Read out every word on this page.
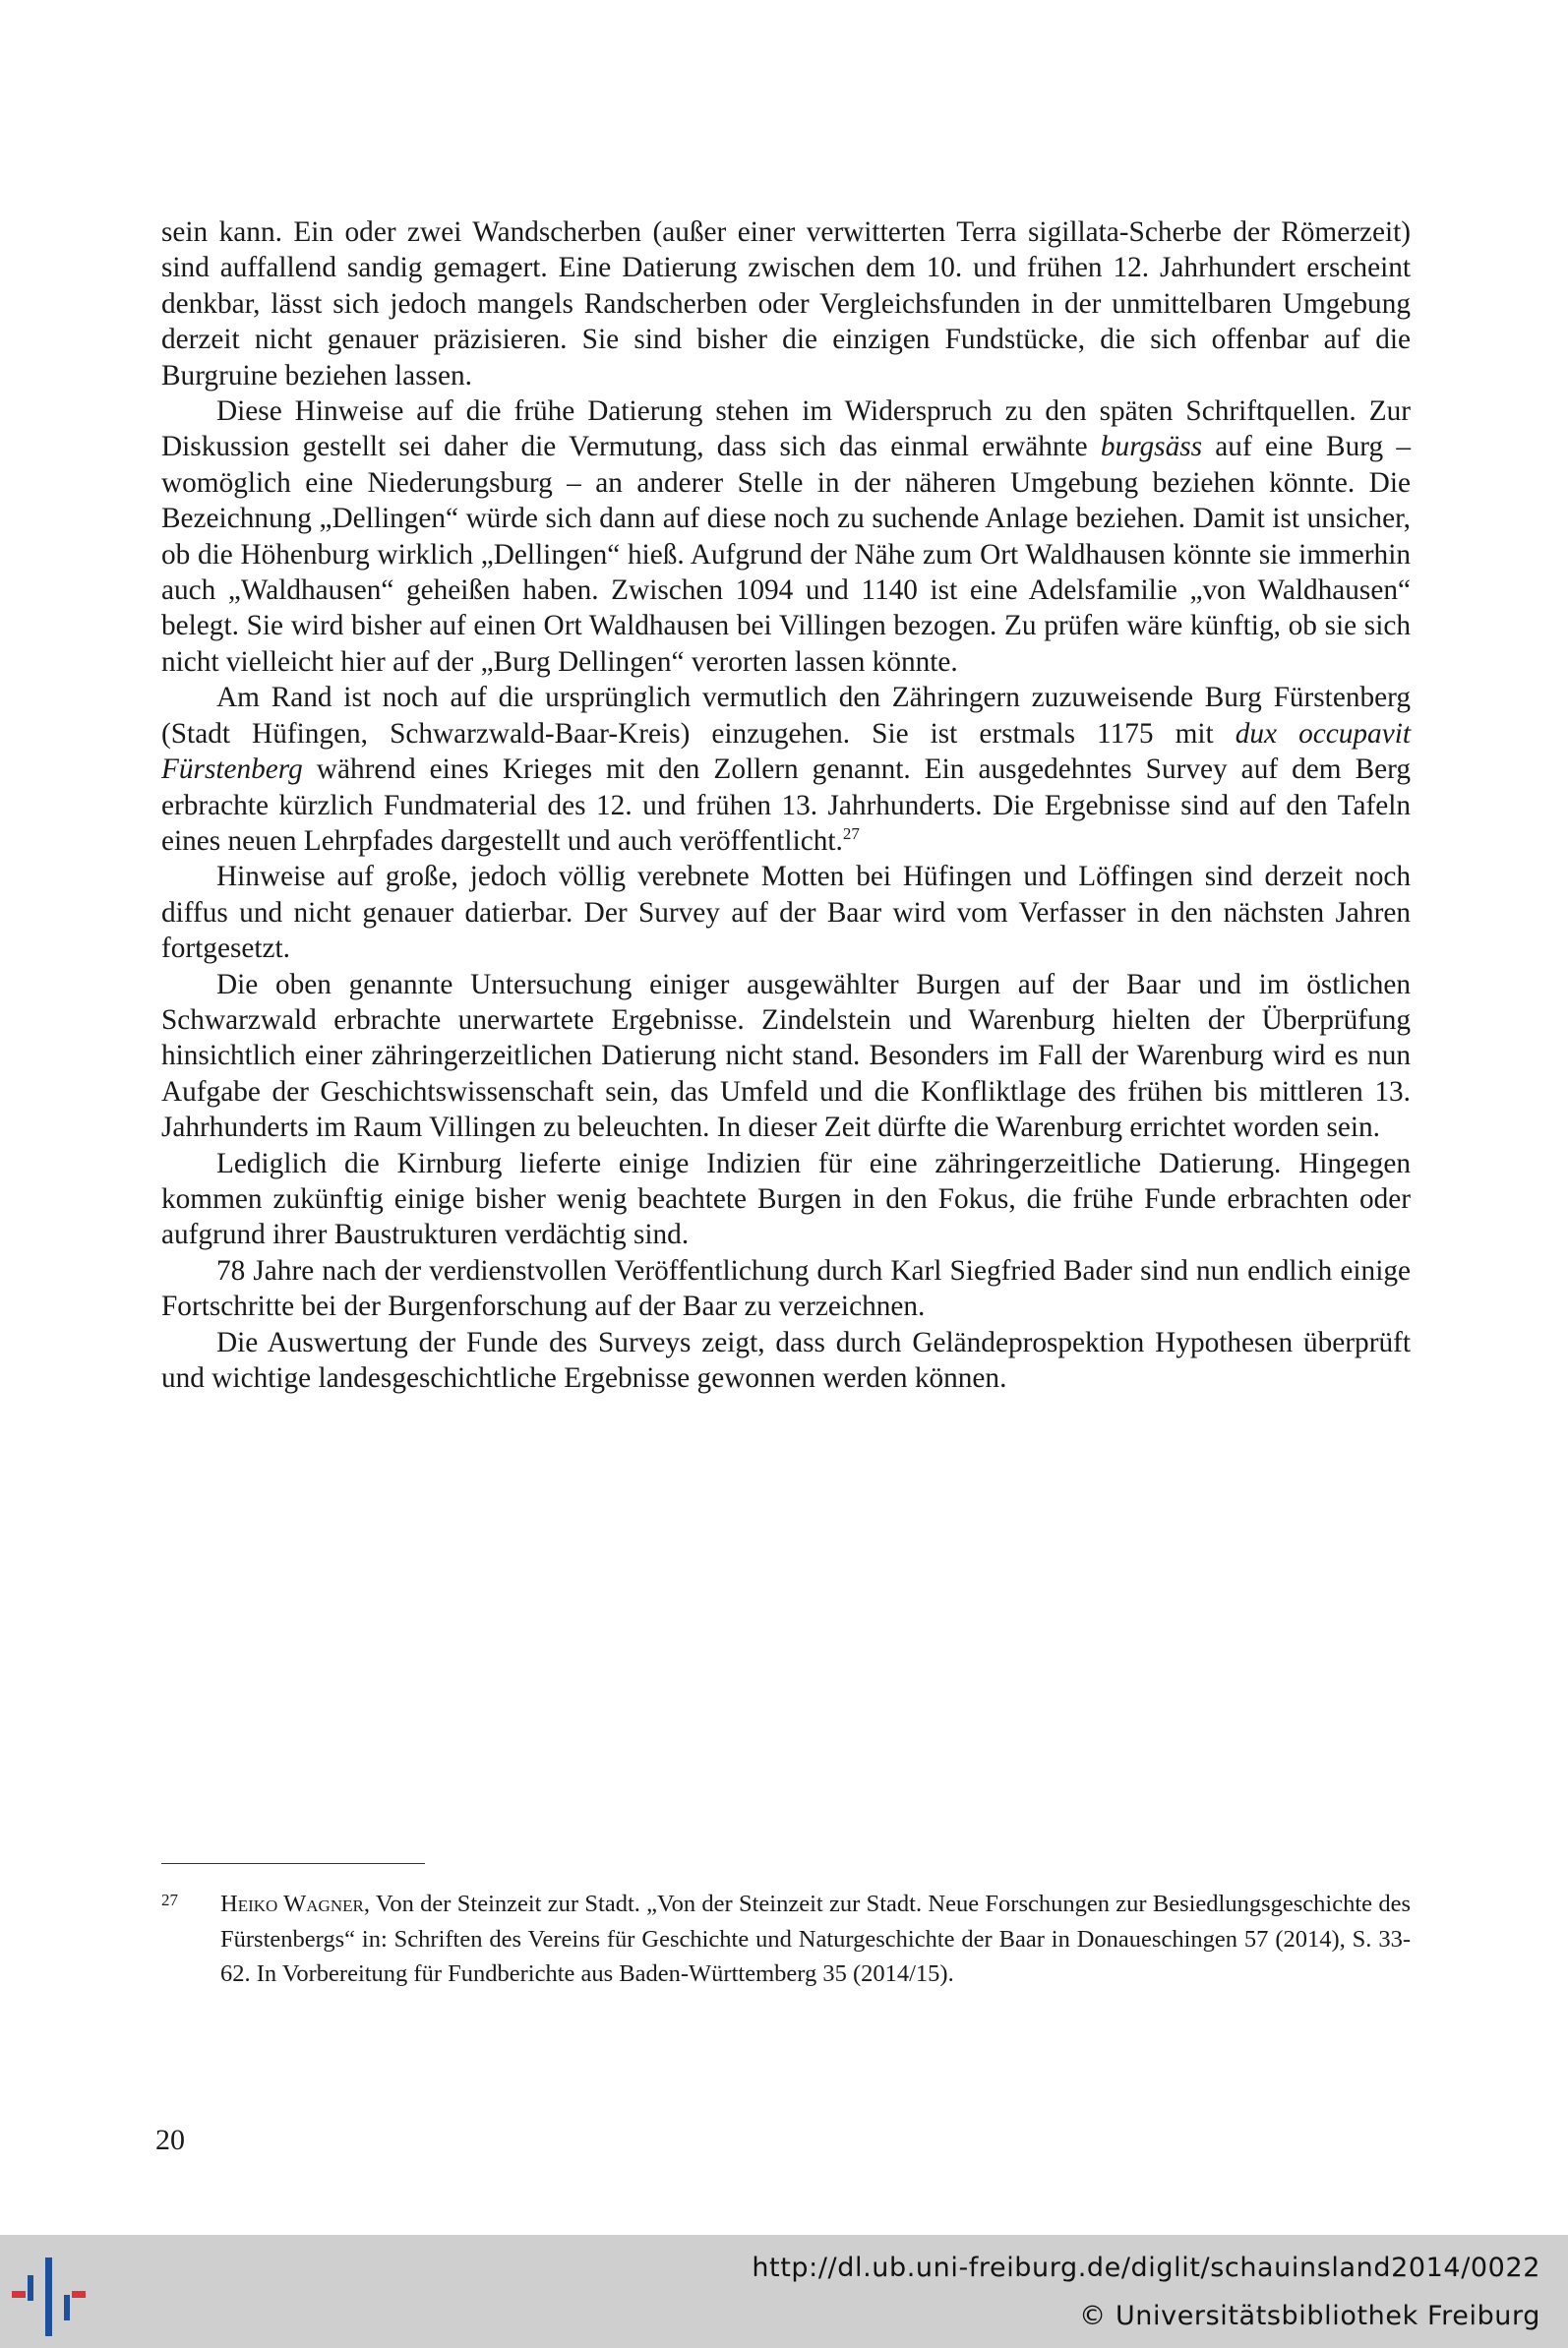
sein kann. Ein oder zwei Wandscherben (außer einer verwitterten Terra sigillata-Scherbe der Römerzeit) sind auffallend sandig gemagert. Eine Datierung zwischen dem 10. und frühen 12. Jahrhundert erscheint denkbar, lässt sich jedoch mangels Randscherben oder Vergleichsfunden in der unmittelbaren Umgebung derzeit nicht genauer präzisieren. Sie sind bisher die einzigen Fundstücke, die sich offenbar auf die Burgruine beziehen lassen.

Diese Hinweise auf die frühe Datierung stehen im Widerspruch zu den späten Schriftquellen. Zur Diskussion gestellt sei daher die Vermutung, dass sich das einmal erwähnte burgsäss auf eine Burg – womöglich eine Niederungsburg – an anderer Stelle in der näheren Umgebung beziehen könnte. Die Bezeichnung „Dellingen“ würde sich dann auf diese noch zu suchende Anlage beziehen. Damit ist unsicher, ob die Höhenburg wirklich „Dellingen“ hieß. Aufgrund der Nähe zum Ort Waldhausen könnte sie immerhin auch „Waldhausen“ geheißen haben. Zwischen 1094 und 1140 ist eine Adelsfamilie „von Waldhausen“ belegt. Sie wird bisher auf einen Ort Waldhausen bei Villingen bezogen. Zu prüfen wäre künftig, ob sie sich nicht vielleicht hier auf der „Burg Dellingen“ verorten lassen könnte.

Am Rand ist noch auf die ursprünglich vermutlich den Zähringern zuzuweisende Burg Fürstenberg (Stadt Hüfingen, Schwarzwald-Baar-Kreis) einzugehen. Sie ist erstmals 1175 mit dux occupavit Fürstenberg während eines Krieges mit den Zollern genannt. Ein ausgedehntes Survey auf dem Berg erbrachte kürzlich Fundmaterial des 12. und frühen 13. Jahrhunderts. Die Ergebnisse sind auf den Tafeln eines neuen Lehrpfades dargestellt und auch veröffentlicht.$^{27}$

Hinweise auf große, jedoch völlig verebnete Motten bei Hüfingen und Löffingen sind derzeit noch diffus und nicht genauer datierbar. Der Survey auf der Baar wird vom Verfasser in den nächsten Jahren fortgesetzt.

Die oben genannte Untersuchung einiger ausgewählter Burgen auf der Baar und im östlichen Schwarzwald erbrachte unerwartete Ergebnisse. Zindelstein und Warenburg hielten der Überprüfung hinsichtlich einer zähringerzeitlichen Datierung nicht stand. Besonders im Fall der Warenburg wird es nun Aufgabe der Geschichtswissenschaft sein, das Umfeld und die Konfliktlage des frühen bis mittleren 13. Jahrhunderts im Raum Villingen zu beleuchten. In dieser Zeit dürfte die Warenburg errichtet worden sein.

Lediglich die Kirnburg lieferte einige Indizien für eine zähringerzeitliche Datierung. Hingegen kommen zukünftig einige bisher wenig beachtete Burgen in den Fokus, die frühe Funde erbrachten oder aufgrund ihrer Baustrukturen verdächtig sind.

78 Jahre nach der verdienstvollen Veröffentlichung durch Karl Siegfried Bader sind nun endlich einige Fortschritte bei der Burgenforschung auf der Baar zu verzeichnen.

Die Auswertung der Funde des Surveys zeigt, dass durch Geländeprospektion Hypothesen überprüft und wichtige landesgeschichtliche Ergebnisse gewonnen werden können.

27 Heiko Wagner, Von der Steinzeit zur Stadt. „Von der Steinzeit zur Stadt. Neue Forschungen zur Besiedlungsgeschichte des Fürstenbergs“ in: Schriften des Vereins für Geschichte und Naturgeschichte der Baar in Donaueschingen 57 (2014), S. 33-62. In Vorbereitung für Fundberichte aus Baden-Württemberg 35 (2014/15).
20
http://dl.ub.uni-freiburg.de/diglit/schauinsland2014/0022
© Universitätsbibliothek Freiburg
